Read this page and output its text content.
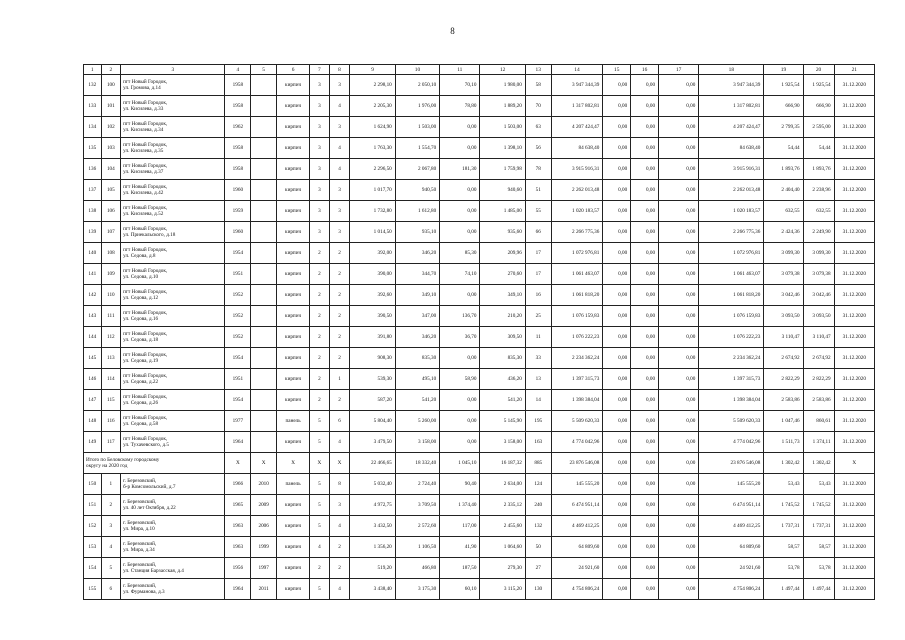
8
1	2	3	4	5	6	7	8	9	10	11	12	13	14	15	16	17	18	19	20	21
132	100	пгт Новый Городок,
ул. Громова, д.14	1958		кирпич	3	3	2 298,10	2 050,10	70,10	1 980,00	58	3 947 344,39	0,00	0,00	0,00	3 947 344,39	1 925,54	1 925,54	31.12.2020
133	101	пгт Новый Городок,
ул. Кисилева, д.33	1958		кирпич	3	4	2 205,30	1 976,00	78,80	1 889,20	70	1 317 802,81	0,00	0,00	0,00	1 317 802,81	666,90	666,90	31.12.2020
134	102	пгт Новый Городок,
ул. Кисилева, д.34	1962		кирпич	3	3	1 624,90	1 503,00	0,00	1 503,00	63	4 207 424,47	0,00	0,00	0,00	4 207 424,47	2 799,35	2 595,00	31.12.2020
135	103	пгт Новый Городок,
ул. Кисилева, д.35	1958		кирпич	3	4	1 763,30	1 554,70	0,00	1 398,10	56	84 638,40	0,00	0,00	0,00	84 638,40	54,44	54,44	31.12.2020
136	104	пгт Новый Городок,
ул. Кисилева, д.37	1958		кирпич	3	4	2 296,50	2 067,80	181,30	1 759,98	78	3 915 916,31	0,00	0,00	0,00	3 915 916,31	1 893,76	1 893,76	31.12.2020
137	105	пгт Новый Городок,
ул. Кисилева, д.42	1960		кирпич	3	3	1 017,70	940,50	0,00	940,60	51	2 262 013,48	0,00	0,00	0,00	2 262 013,48	2 404,40	2 238,96	31.12.2020
138	106	пгт Новый Городок,
ул. Кисилева, д.52	1959		кирпич	3	3	1 732,80	1 612,80	0,00	1 485,00	55	1 020 183,57	0,00	0,00	0,00	1 020 183,57	632,55	632,55	31.12.2020
139	107	пгт Новый Городок,
ул. Приекальского, д.18	1960		кирпич	3	3	1 014,50	935,10	0,00	935,60	66	2 266 775,36	0,00	0,00	0,00	2 266 775,36	2 424,36	2 249,90	31.12.2020
140	108	пгт Новый Городок,
ул. Седова, д.8	1954		кирпич	2	2	392,00	346,20	85,30	209,96	17	1 072 976,81	0,00	0,00	0,00	1 072 976,81	3 099,30	3 099,30	31.12.2020
141	109	пгт Новый Городок,
ул. Седова, д.10	1951		кирпич	2	2	390,00	344,70	74,10	270,60	17	1 061 463,07	0,00	0,00	0,00	1 061 463,07	3 079,38	3 079,38	31.12.2020
142	110	пгт Новый Городок,
ул. Седова, д.12	1952		кирпич	2	2	392,60	349,10	0,00	349,10	16	1 061 818,20	0,00	0,00	0,00	1 061 818,20	3 042,46	3 042,46	31.12.2020
143	111	пгт Новый Городок,
ул. Седова, д.16	1952		кирпич	2	2	390,50	347,00	136,70	210,20	25	1 076 159,83	0,00	0,00	0,00	1 076 159,83	3 093,50	3 093,50	31.12.2020
144	112	пгт Новый Городок,
ул. Седова, д.18	1952		кирпич	2	2	391,80	346,20	36,70	309,50	11	1 076 222,23	0,00	0,00	0,00	1 076 222,23	3 110,47	3 110,47	31.12.2020
145	113	пгт Новый Городок,
ул. Седова, д.19	1954		кирпич	2	2	908,30	835,30	0,00	835,30	33	2 234 362,24	0,00	0,00	0,00	2 234 362,24	2 674,92	2 674,92	31.12.2020
146	114	пгт Новый Городок,
ул. Седова, д.22	1951		кирпич	2	1	539,30	495,10	58,90	436,20	13	1 397 315,73	0,00	0,00	0,00	1 397 315,73	2 822,29	2 822,29	31.12.2020
147	115	пгт Новый Городок,
ул. Седова, д.26	1954		кирпич	2	2	587,20	541,20	0,00	541,20	14	1 398 384,04	0,00	0,00	0,00	1 398 384,04	2 583,86	2 583,86	31.12.2020
148	116	пгт Новый Городок,
ул. Седова, д.58	1977		панель	5	6	5 804,40	5 260,00	0,00	5 145,90	195	5 509 620,33	0,00	0,00	0,00	5 509 620,33	1 047,46	860,61	31.12.2020
149	117	пгт Новый Городок,
ул. Тухачевского, д.5	1964		кирпич	5	4	3 479,50	3 158,00	0,00	3 158,00	163	4 774 042,96	0,00	0,00	0,00	4 774 042,96	1 511,73	1 374,11	31.12.2020
Итого по Беловскому городскому
округу на 2020 год			X	X	X	X	X	22 466,65	18 332,40	1 045,10	16 187,32	885	23 876 546,08	0,00	0,00	0,00	23 876 546,08	1 302,42	1 302,42	X
150	1	г. Березовский,
б-р Комсомольский, д.7	1966	2010	панель	5	8	5 032,40	2 724,40	90,40	2 634,00	124	145 555,20	0,00	0,00	0,00	145 555,20	53,43	53,43	31.12.2020
151	2	г. Березовский,
ул. 40 лет Октября, д.22	1965	2009	кирпич	5	3	4 972,75	3 709,50	1 374,40	2 335,12	240	6 474 951,14	0,00	0,00	0,00	6 474 951,14	1 745,52	1 745,52	31.12.2020
152	3	г. Березовский,
ул. Мира, д.10	1963	2006	кирпич	5	4	3 432,50	2 572,60	117,00	2 455,60	132	4 469 412,25	0,00	0,00	0,00	4 469 412,25	1 737,31	1 737,31	31.12.2020
153	4	г. Березовский,
ул. Мира, д.34	1963	1999	кирпич	4	2	1 356,20	1 106,50	41,90	1 064,60	50	64 809,60	0,00	0,00	0,00	64 809,60	58,57	58,57	31.12.2020
154	5	г. Березовский,
ул. Станция Барзасская, д.4	1956	1997	кирпич	2	2	519,20	466,80	187,50	279,30	27	24 921,60	0,00	0,00	0,00	24 921,60	53,78	53,78	31.12.2020
155	6	г. Березовский,
ул. Фурманова, д.3	1964	2011	кирпич	5	4	3 438,40	3 175,30	60,10	3 115,20	130	4 754 806,24	0,00	0,00	0,00	4 754 806,24	1 497,44	1 497,44	31.12.2020
